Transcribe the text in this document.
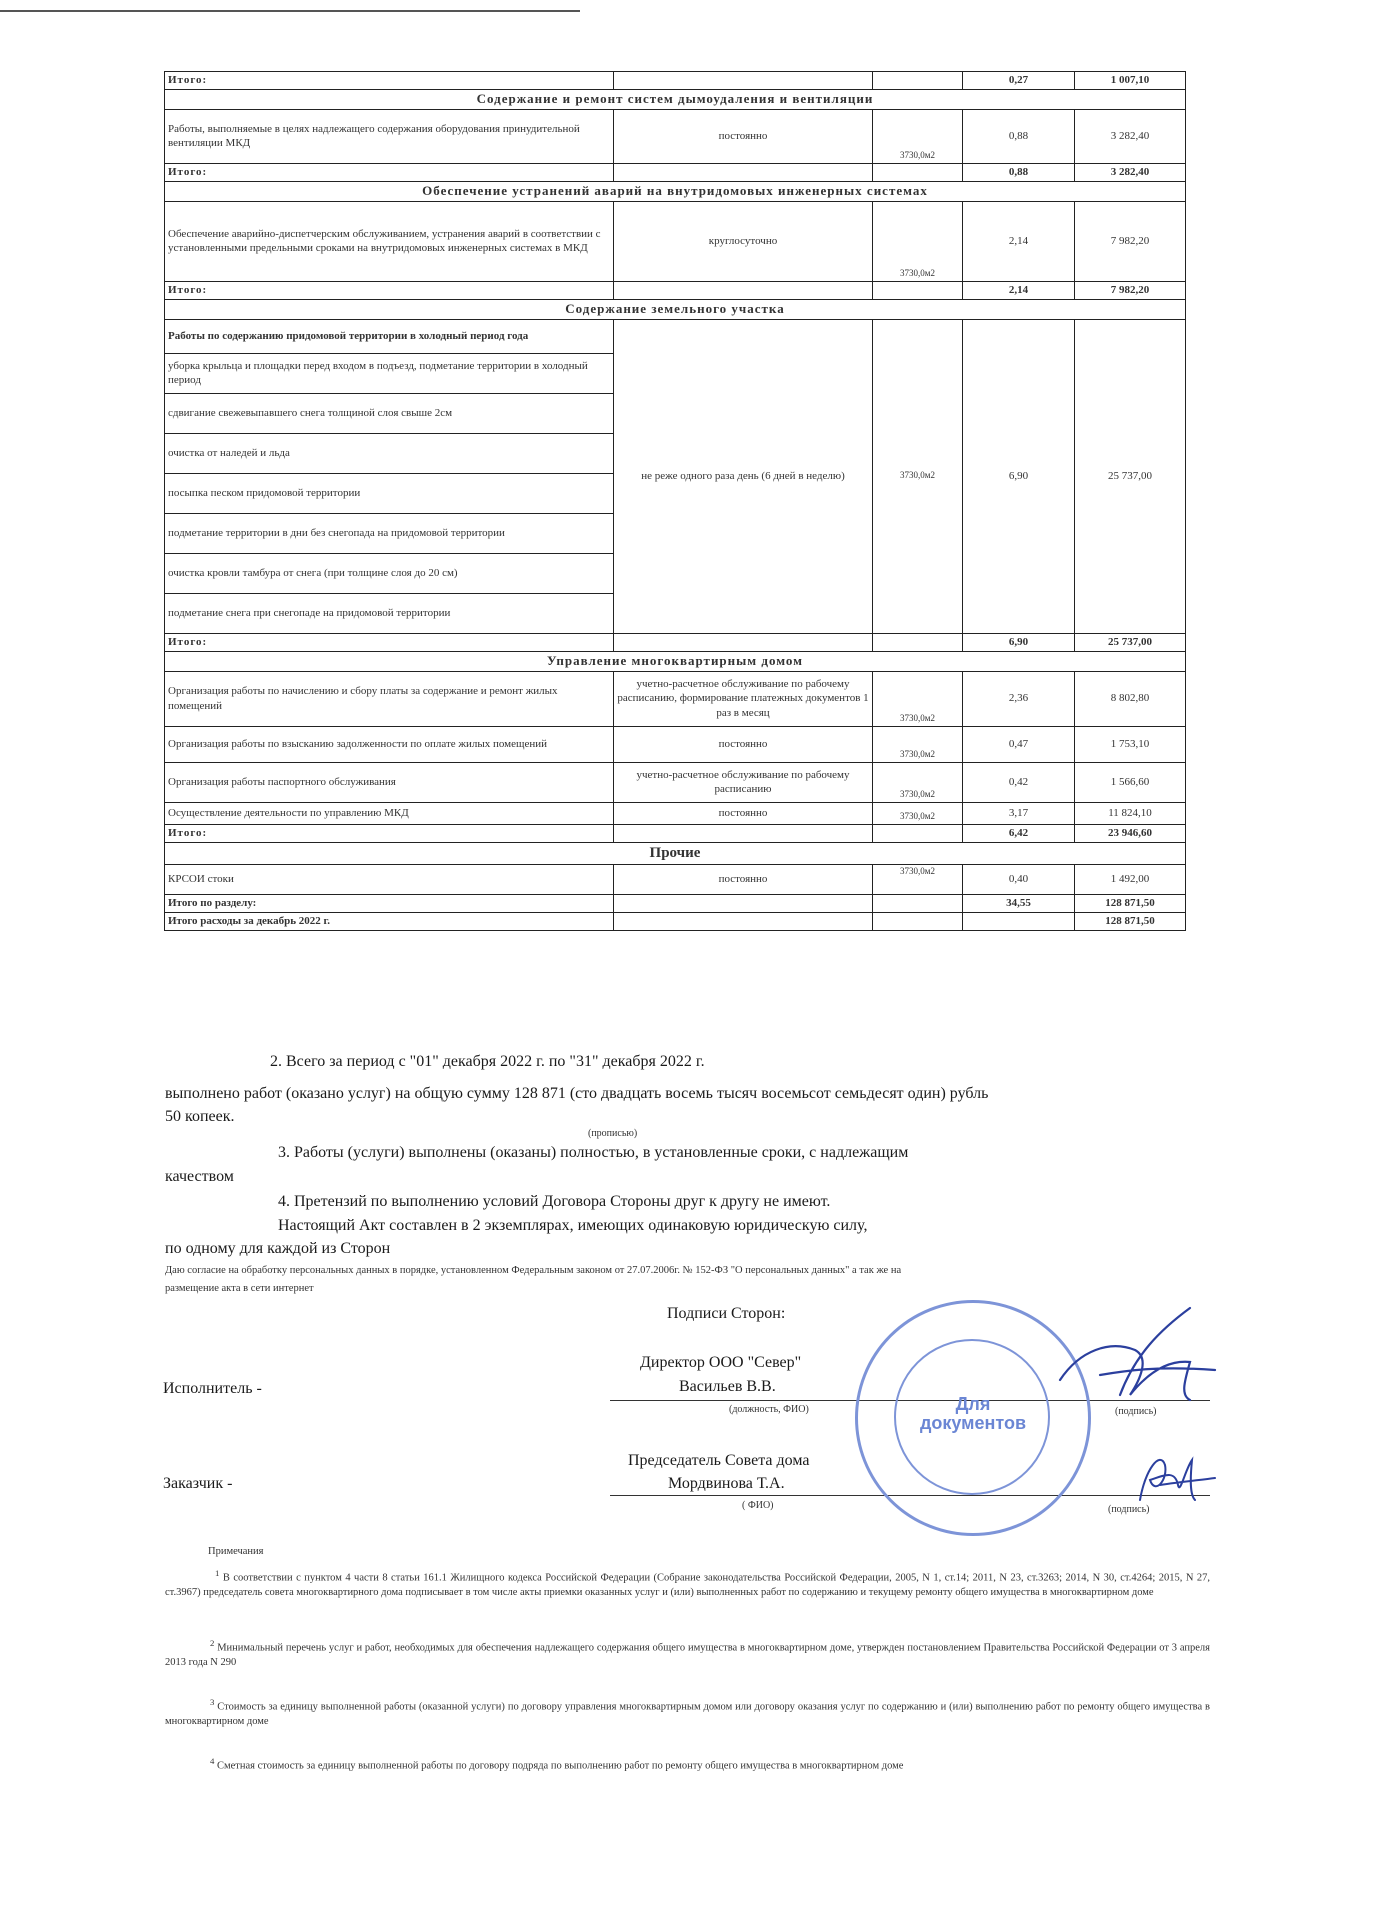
Итого:			0,27	1 007,10
Содержание и ремонт систем дымоудаления и вентиляции				
Работы, выполняемые в целях надлежащего содержания оборудования принудительной вентиляции МКД	постоянно	3730,0м2	0,88	3 282,40
Итого:			0,88	3 282,40
Обеспечение устранений аварий на внутридомовых инженерных системах				
Обеспечение аварийно-диспетчерским обслуживанием, устранения аварий в соответствии с установленными предельными сроками на внутридомовых инженерных системах в МКД	круглосуточно	3730,0м2	2,14	7 982,20
Итого:			2,14	7 982,20
Содержание земельного участка				
Работы по содержанию придомовой территории в холодный период года	не реже одного раза день (6 дней в неделю)	3730,0м2	6,90	25 737,00
уборка крыльца и площадки перед входом в подъезд, подметание территории в холодный период				
сдвигание свежевыпавшего снега толщиной слоя свыше 2см				
очистка от наледей и льда				
посыпка песком придомовой территории				
подметание территории в дни без снегопада на придомовой территории				
очистка кровли тамбура от снега (при толщине слоя до 20 см)				
подметание снега при снегопаде на придомовой территории				
Итого:			6,90	25 737,00
Управление многоквартирным домом				
Организация работы по начислению и сбору платы за содержание и ремонт жилых помещений	учетно-расчетное обслуживание по рабочему расписанию, формирование платежных документов 1 раз в месяц	3730,0м2	2,36	8 802,80
Организация работы по взысканию задолженности по оплате жилых помещений	постоянно	3730,0м2	0,47	1 753,10
Организация работы паспортного обслуживания	учетно-расчетное обслуживание по рабочему расписанию	3730,0м2	0,42	1 566,60
Осуществление деятельности по управлению МКД	постоянно	3730,0м2	3,17	11 824,10
Итого:			6,42	23 946,60
Прочие				
КРСОИ стоки	постоянно	3730,0м2	0,40	1 492,00
Итого по разделу:			34,55	128 871,50
Итого расходы за декабрь 2022 г.				128 871,50
2. Всего за период с "01" декабря 2022 г. по "31" декабря 2022 г.
выполнено работ (оказано услуг) на общую сумму 128 871 (сто двадцать восемь тысяч восемьсот семьдесят один) рубль
50 копеек.
(прописью)
3. Работы (услуги) выполнены (оказаны) полностью, в установленные сроки, с надлежащим
качеством
4. Претензий по выполнению условий Договора Стороны друг к другу не имеют.
Настоящий Акт составлен в 2 экземплярах, имеющих одинаковую юридическую силу,
по одному для каждой из Сторон
Даю согласие на обработку персональных данных в порядке, установленном Федеральным законом от 27.07.2006г. № 152-ФЗ "О персональных данных" а так же на
размещение акта в сети интернет
Подписи Сторон:
Исполнитель -
Директор ООО "Север"
Васильев В.В.
(должность, ФИО)	(подпись)
Заказчик -
Председатель Совета дома
Мордвинова Т.А.
( ФИО)	(подпись)
Для
документов
Примечания
$^1$ В соответствии с пунктом 4 части 8 статьи 161.1 Жилищного кодекса Российской Федерации (Собрание законодательства Российской Федерации, 2005, N 1, ст.14; 2011, N 23, ст.3263; 2014, N 30, ст.4264; 2015, N 27, ст.3967) председатель совета многоквартирного дома подписывает в том числе акты приемки оказанных услуг и (или) выполненных работ по содержанию и текущему ремонту общего имущества в многоквартирном доме
$^2$ Минимальный перечень услуг и работ, необходимых для обеспечения надлежащего содержания общего имущества в многоквартирном доме, утвержден постановлением Правительства Российской Федерации от 3 апреля 2013 года N 290
$^3$ Стоимость за единицу выполненной работы (оказанной услуги) по договору управления многоквартирным домом или договору оказания услуг по содержанию и (или) выполнению работ по ремонту общего имущества в многоквартирном доме
$^4$ Сметная стоимость за единицу выполненной работы по договору подряда по выполнению работ по ремонту общего имущества в многоквартирном доме
